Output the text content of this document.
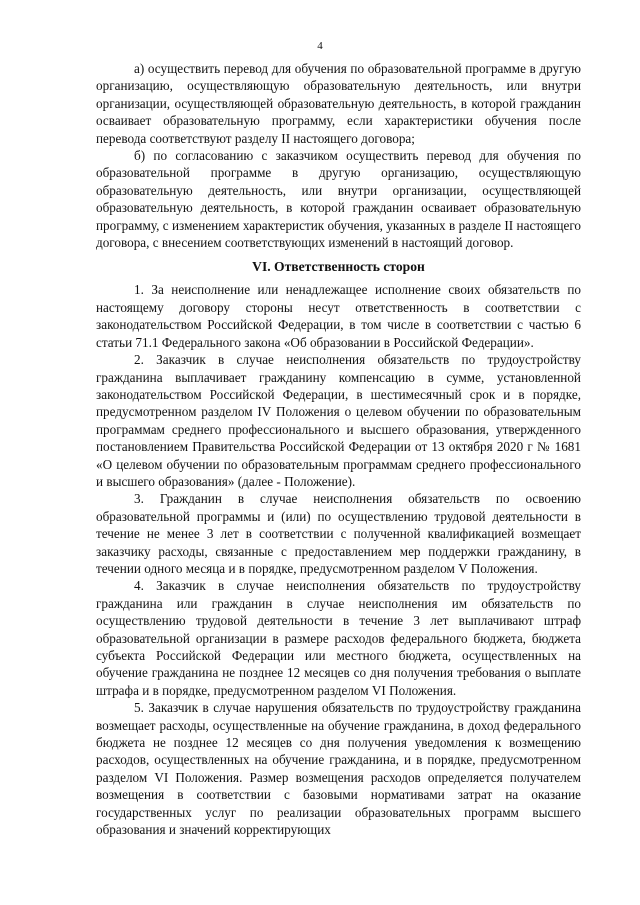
4

а) осуществить перевод для обучения по образовательной программе в другую организацию, осуществляющую образовательную деятельность, или внутри организации, осуществляющей образовательную деятельность, в которой гражданин осваивает образовательную программу, если характеристики обучения после перевода соответствуют разделу II настоящего договора;

б) по согласованию с заказчиком осуществить перевод для обучения по образовательной программе в другую организацию, осуществляющую образовательную деятельность, или внутри организации, осуществляющей образовательную деятельность, в которой гражданин осваивает образовательную программу, с изменением характеристик обучения, указанных в разделе II настоящего договора, с внесением соответствующих изменений в настоящий договор.

VI. Ответственность сторон

1. За неисполнение или ненадлежащее исполнение своих обязательств по настоящему договору стороны несут ответственность в соответствии с законодательством Российской Федерации, в том числе в соответствии с частью 6 статьи 71.1 Федерального закона «Об образовании в Российской Федерации».

2. Заказчик в случае неисполнения обязательств по трудоустройству гражданина выплачивает гражданину компенсацию в сумме, установленной законодательством Российской Федерации, в шестимесячный срок и в порядке, предусмотренном разделом IV Положения о целевом обучении по образовательным программам среднего профессионального и высшего образования, утвержденного постановлением Правительства Российской Федерации от 13 октября 2020 г № 1681 «О целевом обучении по образовательным программам среднего профессионального и высшего образования» (далее - Положение).

3. Гражданин в случае неисполнения обязательств по освоению образовательной программы и (или) по осуществлению трудовой деятельности в течение не менее 3 лет в соответствии с полученной квалификацией возмещает заказчику расходы, связанные с предоставлением мер поддержки гражданину, в течении одного месяца и в порядке, предусмотренном разделом V Положения.

4. Заказчик в случае неисполнения обязательств по трудоустройству гражданина или гражданин в случае неисполнения им обязательств по осуществлению трудовой деятельности в течение 3 лет выплачивают штраф образовательной организации в размере расходов федерального бюджета, бюджета субъекта Российской Федерации или местного бюджета, осуществленных на обучение гражданина не позднее 12 месяцев со дня получения требования о выплате штрафа и в порядке, предусмотренном разделом VI Положения.

5. Заказчик в случае нарушения обязательств по трудоустройству гражданина возмещает расходы, осуществленные на обучение гражданина, в доход федерального бюджета не позднее 12 месяцев со дня получения уведомления к возмещению расходов, осуществленных на обучение гражданина, и в порядке, предусмотренном разделом VI Положения. Размер возмещения расходов определяется получателем возмещения в соответствии с базовыми нормативами затрат на оказание государственных услуг по реализации образовательных программ высшего образования и значений корректирующих
